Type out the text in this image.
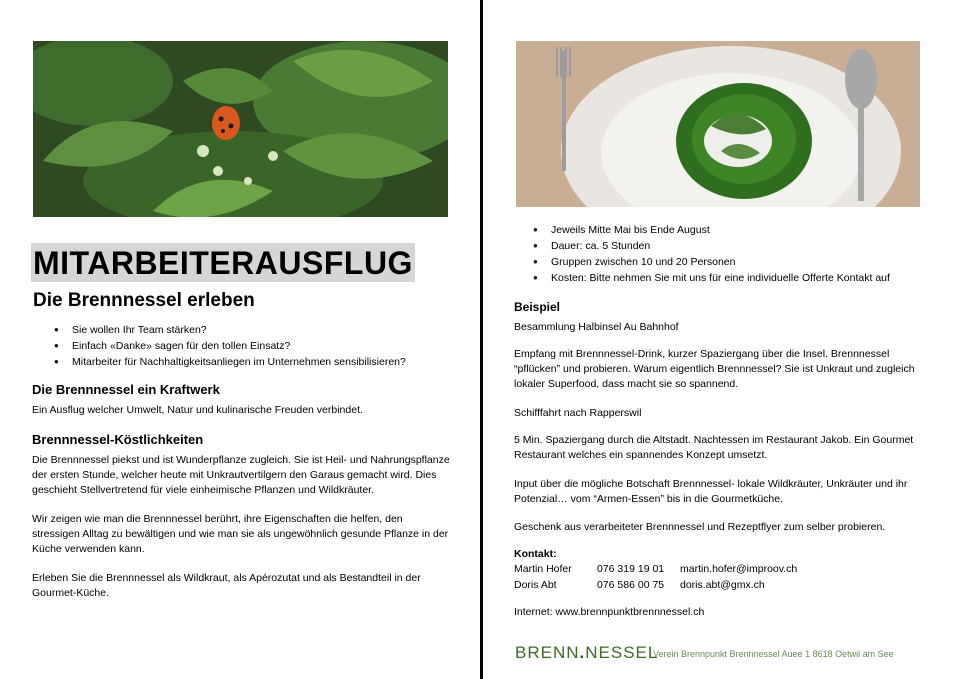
MITARBEITERAUSFLUG
Die Brennnessel erleben
● Sie wollen Ihr Team stärken?
● Einfach «Danke» sagen für den tollen Einsatz?
● Mitarbeiter für Nachhaltigkeitsanliegen im Unternehmen sensibilisieren?
Die Brennnessel ein Kraftwerk

Ein Ausflug welcher Umwelt, Natur und kulinarische Freuden verbindet.

Brennnessel-Köstlichkeiten

Die Brennnessel piekst und ist Wunderpflanze zugleich. Sie ist Heil- und Nahrungspflanze der ersten Stunde, welcher heute mit Unkrautvertilgern den Garaus gemacht wird. Dies geschieht Stellvertretend für viele einheimische Pflanzen und Wildkräuter.

Wir zeigen wie man die Brennnessel berührt, ihre Eigenschaften die helfen, den stressigen Alltag zu bewältigen und wie man sie als ungewöhnlich gesunde Pflanze in der Küche verwenden kann.

Erleben Sie die Brennnessel als Wildkraut, als Apérozutat und als Bestandteil in der Gourmet-Küche.

● Jeweils Mitte Mai bis Ende August
● Dauer: ca. 5 Stunden
● Gruppen zwischen 10 und 20 Personen
● Kosten: Bitte nehmen Sie mit uns für eine individuelle Offerte Kontakt auf
Beispiel

Besammlung Halbinsel Au Bahnhof

Empfang mit Brennnessel-Drink, kurzer Spaziergang über die Insel. Brennnessel “pflücken” und probieren. Warum eigentlich Brennnessel? Sie ist Unkraut und zugleich lokaler Superfood, dass macht sie so spannend.

Schifffahrt nach Rapperswil

5 Min. Spaziergang durch die Altstadt. Nachtessen im Restaurant Jakob. Ein Gourmet Restaurant welches ein spannendes Konzept umsetzt.

Input über die mögliche Botschaft Brennnessel- lokale Wildkräuter, Unkräuter und ihr Potenzial… vom “Armen-Essen” bis in die Gourmetküche.

Geschenk aus verarbeiteter Brennnessel und Rezeptflyer zum selber probieren.

Kontakt:
Martin Hofer 076 319 19 01 martin.hofer@improov.ch
Doris Abt	076 586 00 75 doris.abt@gmx.ch
Internet: www.brennpunktbrennnessel.ch
BRENN.NESSEL
Verein Brennpunkt Brennnessel Auee 1 8618 Oetwil am See
